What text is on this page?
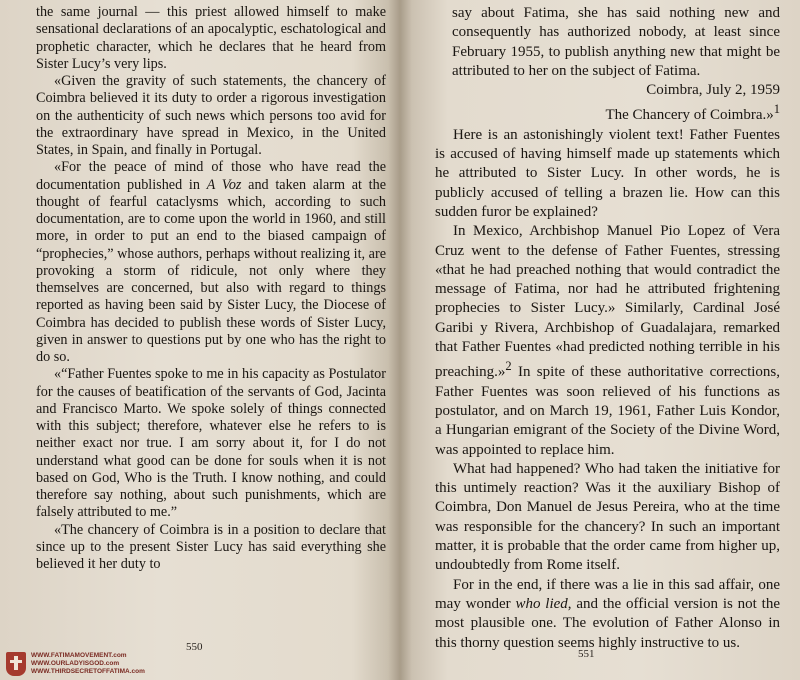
the same journal — this priest allowed himself to make sensational declarations of an apocalyptic, eschatological and prophetic character, which he declares that he heard from Sister Lucy’s very lips.

«Given the gravity of such statements, the chancery of Coimbra believed it its duty to order a rigorous investigation on the authenticity of such news which persons too avid for the extraordinary have spread in Mexico, in the United States, in Spain, and finally in Portugal.

«For the peace of mind of those who have read the documentation published in A Voz and taken alarm at the thought of fearful cataclysms which, according to such documentation, are to come upon the world in 1960, and still more, in order to put an end to the biased campaign of “prophecies,” whose authors, perhaps without realizing it, are provoking a storm of ridicule, not only where they themselves are concerned, but also with regard to things reported as having been said by Sister Lucy, the Diocese of Coimbra has decided to publish these words of Sister Lucy, given in answer to questions put by one who has the right to do so.

«“Father Fuentes spoke to me in his capacity as Postulator for the causes of beatification of the servants of God, Jacinta and Francisco Marto. We spoke solely of things connected with this subject; therefore, whatever else he refers to is neither exact nor true. I am sorry about it, for I do not understand what good can be done for souls when it is not based on God, Who is the Truth. I know nothing, and could therefore say nothing, about such punishments, which are falsely attributed to me.”

«The chancery of Coimbra is in a position to declare that since up to the present Sister Lucy has said everything she believed it her duty to

550
WWW.FATIMAMOVEMENT.com
WWW.OURLADYISGOD.com
WWW.THIRDSECRETOFFATIMA.com

say about Fatima, she has said nothing new and consequently has authorized nobody, at least since February 1955, to publish anything new that might be attributed to her on the subject of Fatima.

Coimbra, July 2, 1959

The Chancery of Coimbra.»$^1$

Here is an astonishingly violent text! Father Fuentes is accused of having himself made up statements which he attributed to Sister Lucy. In other words, he is publicly accused of telling a brazen lie. How can this sudden furor be explained?

In Mexico, Archbishop Manuel Pio Lopez of Vera Cruz went to the defense of Father Fuentes, stressing «that he had preached nothing that would contradict the message of Fatima, nor had he attributed frightening prophecies to Sister Lucy.» Similarly, Cardinal José Garibi y Rivera, Archbishop of Guadalajara, remarked that Father Fuentes «had predicted nothing terrible in his preaching.»$^2$ In spite of these authoritative corrections, Father Fuentes was soon relieved of his functions as postulator, and on March 19, 1961, Father Luis Kondor, a Hungarian emigrant of the Society of the Divine Word, was appointed to replace him.

What had happened? Who had taken the initiative for this untimely reaction? Was it the auxiliary Bishop of Coimbra, Don Manuel de Jesus Pereira, who at the time was responsible for the chancery? In such an important matter, it is probable that the order came from higher up, undoubtedly from Rome itself.

For in the end, if there was a lie in this sad affair, one may wonder who lied, and the official version is not the most plausible one. The evolution of Father Alonso in this thorny question seems highly instructive to us.

551
